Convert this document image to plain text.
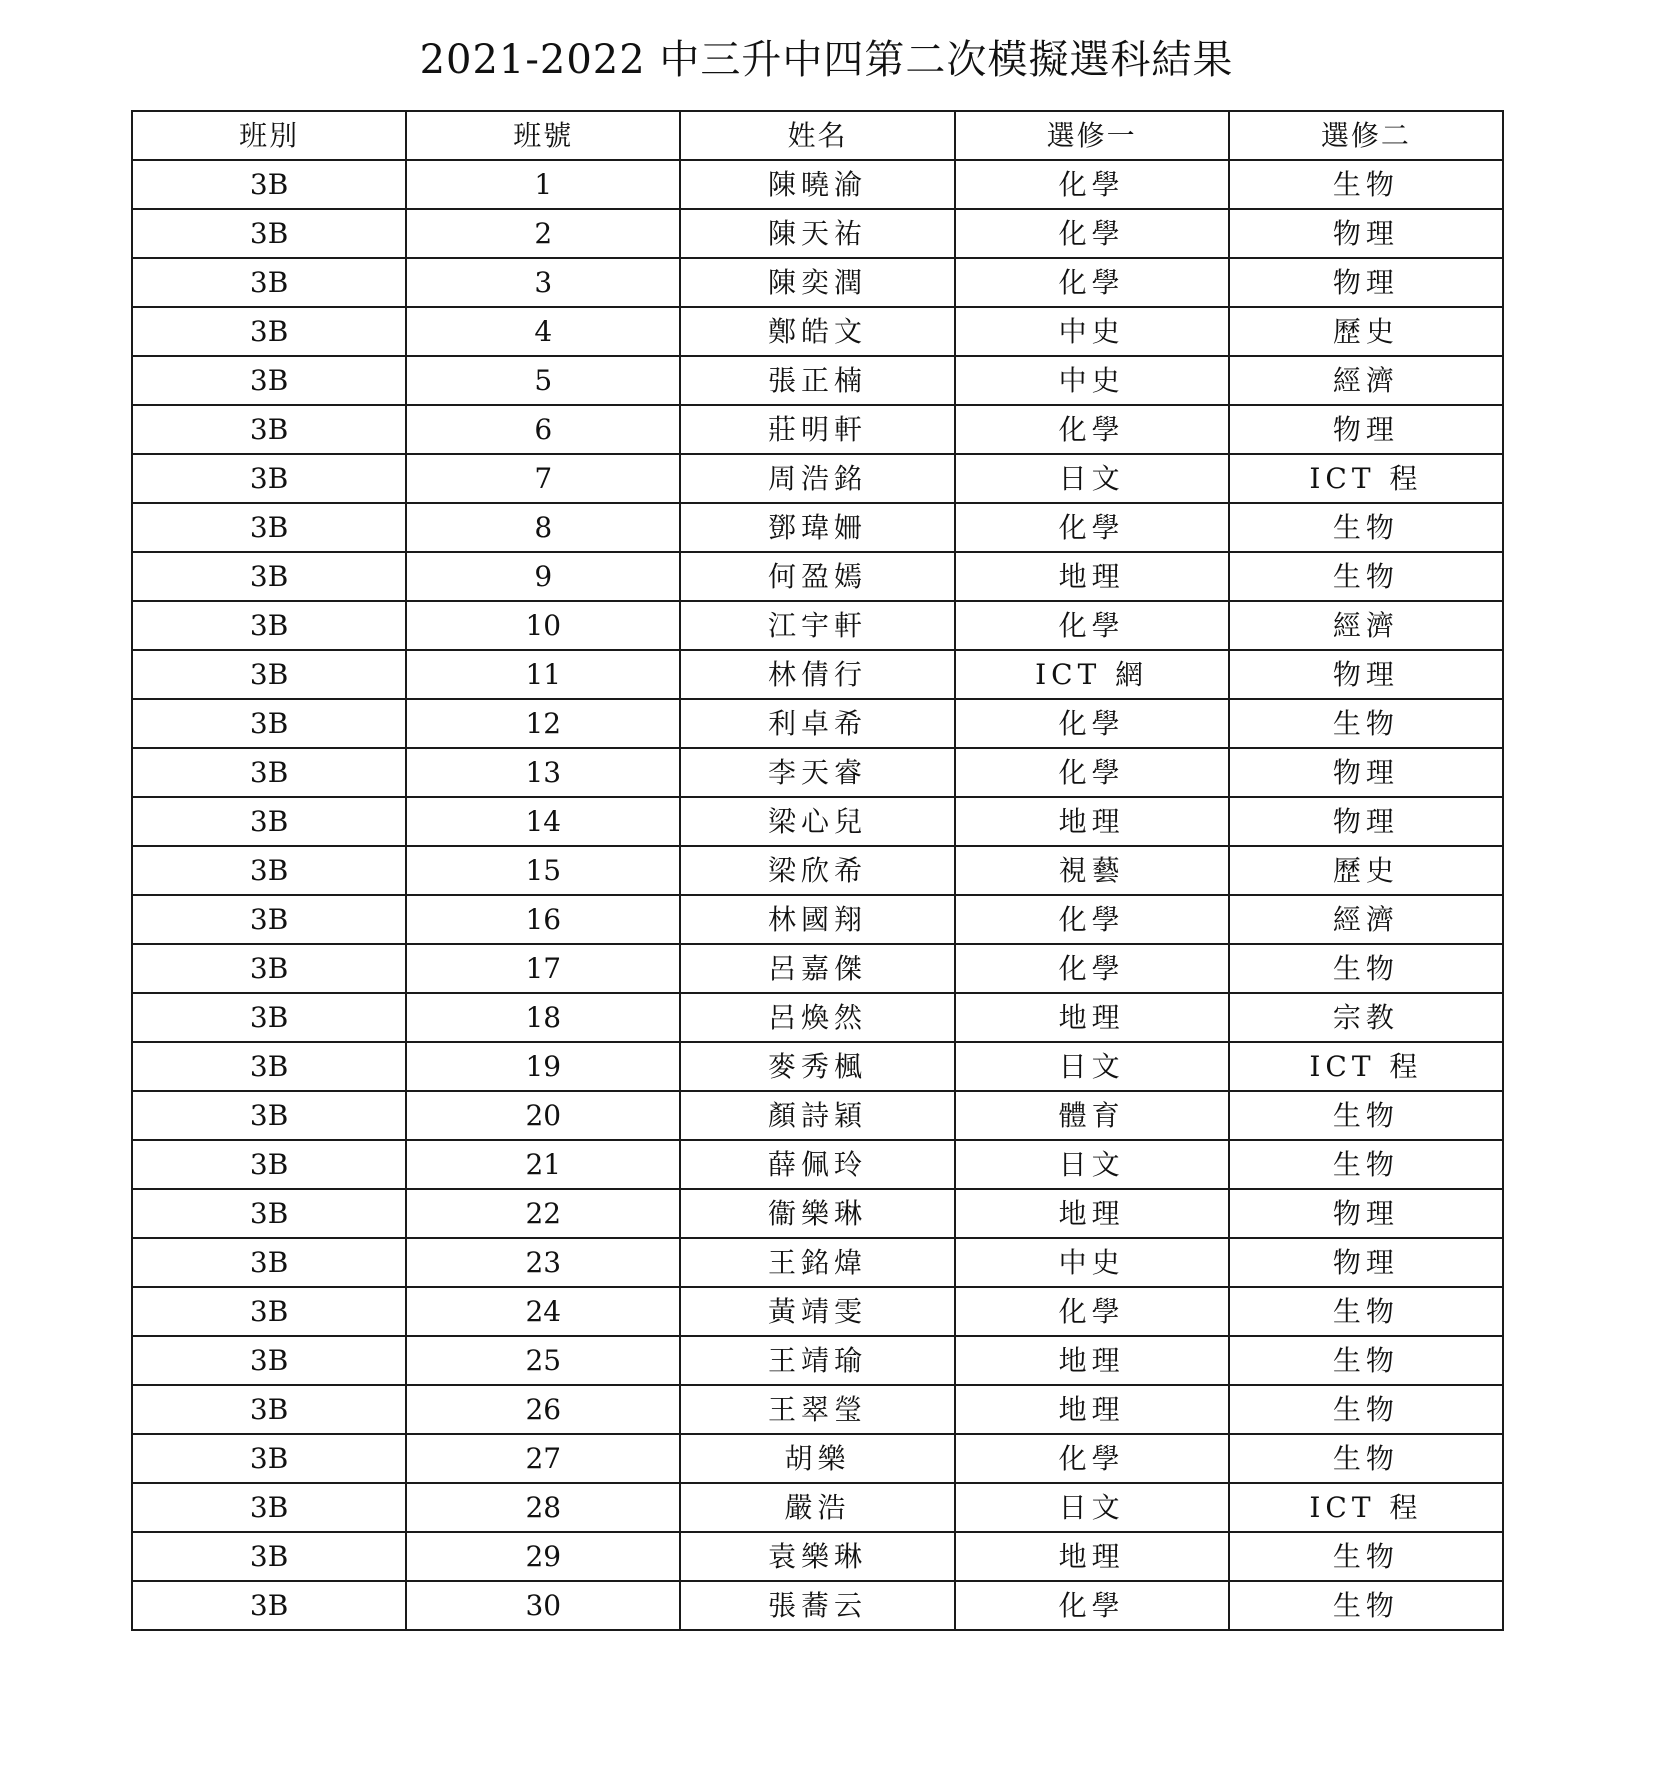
2021-2022 中三升中四第二次模擬選科結果
班別	班號	姓名	選修一	選修二
3B	1	陳曉渝	化學	生物
3B	2	陳天祐	化學	物理
3B	3	陳奕潤	化學	物理
3B	4	鄭皓文	中史	歷史
3B	5	張正楠	中史	經濟
3B	6	莊明軒	化學	物理
3B	7	周浩銘	日文	ICT 程
3B	8	鄧瑋姍	化學	生物
3B	9	何盈嫣	地理	生物
3B	10	江宇軒	化學	經濟
3B	11	林倩行	ICT 網	物理
3B	12	利卓希	化學	生物
3B	13	李天睿	化學	物理
3B	14	梁心兒	地理	物理
3B	15	梁欣希	視藝	歷史
3B	16	林國翔	化學	經濟
3B	17	呂嘉傑	化學	生物
3B	18	呂煥然	地理	宗教
3B	19	麥秀楓	日文	ICT 程
3B	20	顏詩穎	體育	生物
3B	21	薛佩玲	日文	生物
3B	22	衞樂琳	地理	物理
3B	23	王銘煒	中史	物理
3B	24	黃靖雯	化學	生物
3B	25	王靖瑜	地理	生物
3B	26	王翠瑩	地理	生物
3B	27	胡樂	化學	生物
3B	28	嚴浩	日文	ICT 程
3B	29	袁樂琳	地理	生物
3B	30	張蕎云	化學	生物
